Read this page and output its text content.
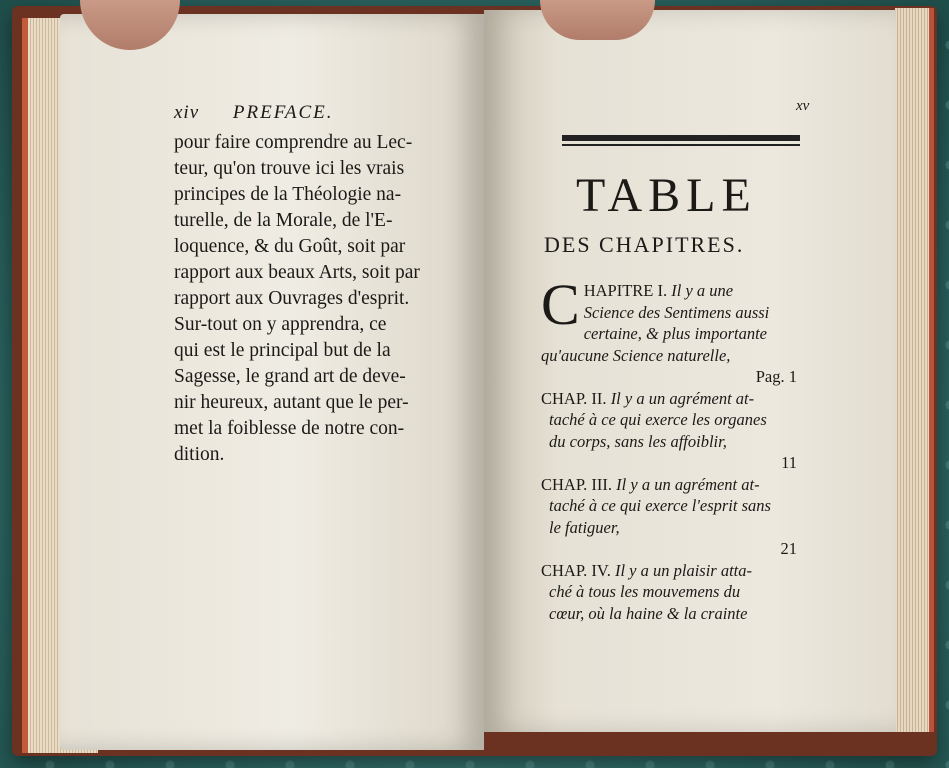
xiv PREFACE.
pour faire comprendre au Lec-
teur, qu'on trouve ici les vrais
principes de la Théologie na-
turelle, de la Morale, de l'E-
loquence, & du Goût, soit par
rapport aux beaux Arts, soit par
rapport aux Ouvrages d'esprit.
Sur-tout on y apprendra, ce
qui est le principal but de la
Sagesse, le grand art de deve-
nir heureux, autant que le per-
met la foiblesse de notre con-
dition.
xv
TABLE
DES CHAPITRES.
C HAPITRE I. Il y a une
Science des Sentimens aussi
certaine, & plus importante
qu'aucune Science naturelle,
Pag. 1
CHAP. II. Il y a un agrément at-
taché à ce qui exerce les organes
du corps, sans les affoiblir,
11
CHAP. III. Il y a un agrément at-
taché à ce qui exerce l'esprit sans
le fatiguer,
21
CHAP. IV. Il y a un plaisir atta-
ché à tous les mouvemens du
cœur, où la haine & la crainte
